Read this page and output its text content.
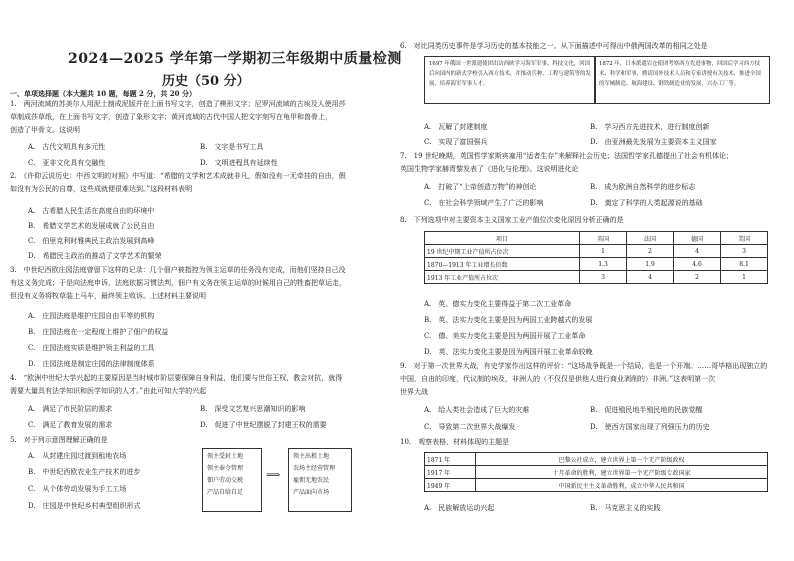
2024—2025 学年第一学期初三年级期中质量检测
历史（50 分）
一、单项选择题（本大题共 10 题，每题 2 分，共 20 分）
1.　两河流域的苏美尔人用泥土制成泥版并在上面书写文字，创造了楔形文字；尼罗河流域的古埃及人使用莎
草制成莎草纸，在上面书写文字，创造了象形文字；黄河流域的古代中国人把文字刻写在龟甲和兽骨上，
创造了甲骨文。这说明
A.　古代文明具有多元性	B.　文字是书写工具
C.　亚非文化具有交融性	D.　文明进程具有延续性
2.　《许仰云说历史：中西文明的对照》中写道：“希腊的文学和艺术成就非凡，假如没有一无牵挂的自由，假
如没有为公民的自尊，这些成就便很难达到。”这段材料表明
A.　古希腊人民生活在高度自由的环境中
B.　希腊文学艺术的发展成就了公民自由
C.　伯里克利时雅典民主政治发展到高峰
D.　希腊民主政治的推动了文学艺术的繁荣
3.　中世纪西欧庄园法庭曾留下这样的记录：几个佃户被指控为领主运草的任务没有完成，而他们坚持自己没
有这义务完成；于是向法庭申诉，法庭依据习惯法判，佃户有义务在领主运草的时候用自己的牲畜把草运走，
但没有义务将牧草装上马车，最终领主败诉。上述材料主要说明
A.　庄园法庭是维护庄园自由平等的机构
B.　庄园法庭在一定程度上维护了佃户的权益
C.　庄园法庭实质是维护领主利益的工具
D.　庄园法庭是制定庄园的法律制度体系
4.　“欧洲中世纪大学兴起的主要原因是当时城市阶层要保障自身利益，他们要与世俗王权，教会对抗，就得
需要大量具有法学知识和医学知识的人才。”由此可知大学的兴起
A.　满足了市民阶层的需求	B.　深受文艺复兴思潮知识的影响
C.　满足了教育发展的需求	D.　促进了中世纪摆脱了封建王权的需要
5.　对于列示意图理解正确的是
A.　从封建庄园过渡到租地农场
B.　中世纪西欧农业生产技术的进步
C.　从个体劳动发展为手工工场
D.　庄园是中世纪乡村典型组织形式
领主受封土地
领主奉令管理
佃户劳动交税
产品自给自足
⟹
领主出租土地
农场主经营管理
雇佣无地农民
产品面向市场
6.　对比同类历史事件是学习历史的基本技能之一。从下面描述中可得出中俄两国改革的相同之处是
1697 年俄国一世派遣使团出访西欧学习海军军事、科技文化，回国后向国内的新式学校引入西方技术，并推动兵种、工程与建筑等的发展，培养海军军事人才。
1872 年，日本派遣岩仓使团考察西方先进事物，回国后学习西方技术、科学和军事，聘请国外技术人员和专家讲授有关技术，推进全国的军械制造、航海建设、钢铁制造业的发展，兴办工厂等。
A.　瓦解了封建制度	B.　学习西方先进技术，进行制度创新
C.　实现了富国强兵	D.　由亚洲最先发展为主要资本主义国家
7.　19 世纪晚期，英国哲学家斯宾塞用“适者生存”来解释社会历史；法国哲学家孔德提出了社会有机体论；
英国生物学家赫胥黎发表了《进化与伦理》。这说明进化论
A.　打破了“上帝创造万物”的神创论	B.　成为欧洲自然科学的进步标志
C.　在社会科学领域产生了广泛的影响	D.　奠定了科学的人类起源说的基础
8.　下列选项中对主要资本主义国家工业产值位次变化原因分析正确的是
项目	英国	法国	德国	美国
19 世纪中期工业产值所占位次	1	2	4	3
1870—1913 年工业增长倍数	1.3	1.9	4.6	8.1
1913 年工业产值所占位次	3	4	2	1
A.　英、德实力变化主要得益于第二次工业革命
B.　英、法实力变化主要是因为两国工业跨越式的发展
C.　德、美实力变化主要是因为两国开展了工业革命
D.　英、法实力变化主要是因为两国开展工业革命较晚
9.　对于第一次世界大战，有史学家作出这样的评价：“这场战争既是一个结局，也是一个开端。……哥毕格出现独立的
中国，自由的印度，代议制的埃及，非洲人的（不仅仅是供他人进行商业剥削的）非洲。”这表明第一次
世界大战
A.　给人类社会造成了巨大的灾难	B.　促进殖民地半殖民地的民族觉醒
C.　导致第二次世界大战爆发	D.　使西方国家出现了列强压力的历史
10.　观察表格，材料体现的主题是
1871 年	巴黎公社成立，建立世界上第一个无产阶级政权
1917 年	十月革命的胜利，建立世界第一个无产阶级专政国家
1949 年	中国新民主主义革命胜利，成立中华人民共和国
A.　民族解放运动兴起	B.　马克思主义的实践
